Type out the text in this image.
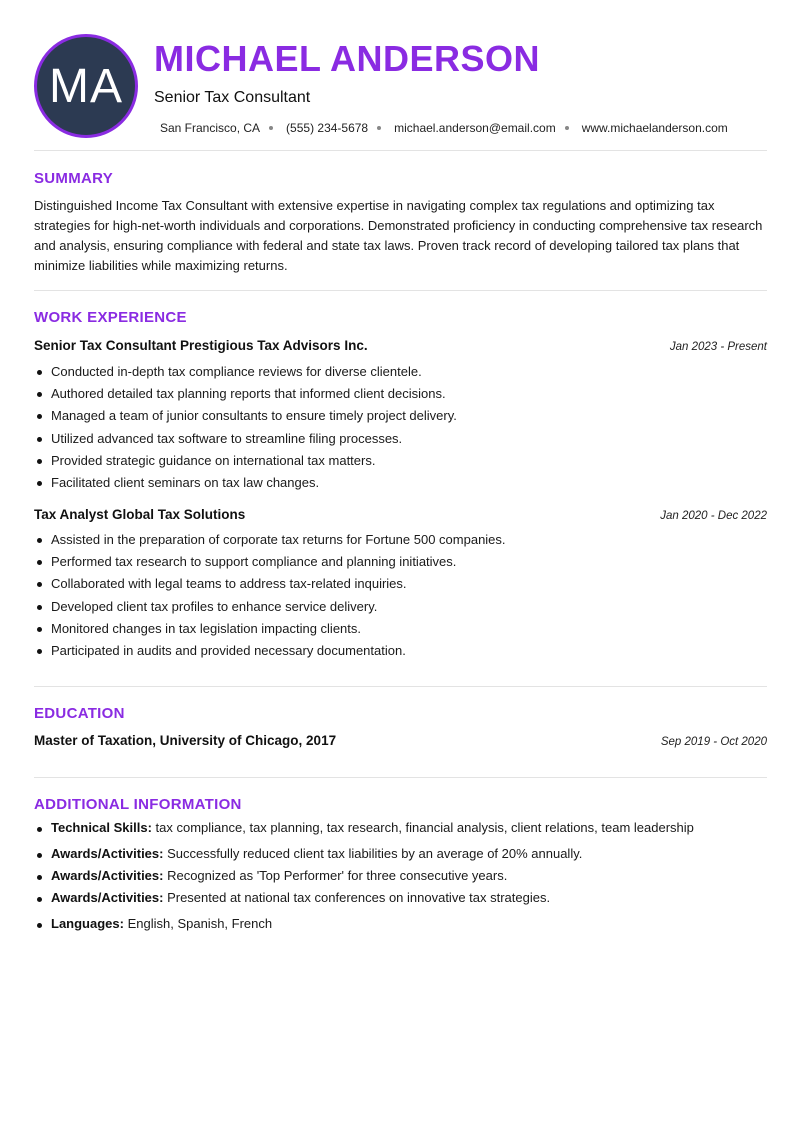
MA
MICHAEL ANDERSON
Senior Tax Consultant
San Francisco, CA (555) 234-5678 michael.anderson@email.com www.michaelanderson.com
SUMMARY
Distinguished Income Tax Consultant with extensive expertise in navigating complex tax regulations and optimizing tax strategies for high-net-worth individuals and corporations. Demonstrated proficiency in conducting comprehensive tax research and analysis, ensuring compliance with federal and state tax laws. Proven track record of developing tailored tax plans that minimize liabilities while maximizing returns.
WORK EXPERIENCE
Senior Tax Consultant Prestigious Tax Advisors Inc.	Jan 2023 - Present
Conducted in-depth tax compliance reviews for diverse clientele.
Authored detailed tax planning reports that informed client decisions.
Managed a team of junior consultants to ensure timely project delivery.
Utilized advanced tax software to streamline filing processes.
Provided strategic guidance on international tax matters.
Facilitated client seminars on tax law changes.
Tax Analyst Global Tax Solutions	Jan 2020 - Dec 2022
Assisted in the preparation of corporate tax returns for Fortune 500 companies.
Performed tax research to support compliance and planning initiatives.
Collaborated with legal teams to address tax-related inquiries.
Developed client tax profiles to enhance service delivery.
Monitored changes in tax legislation impacting clients.
Participated in audits and provided necessary documentation.
EDUCATION
Master of Taxation, University of Chicago, 2017	Sep 2019 - Oct 2020
ADDITIONAL INFORMATION
Technical Skills: tax compliance, tax planning, tax research, financial analysis, client relations, team leadership
Awards/Activities: Successfully reduced client tax liabilities by an average of 20% annually.
Awards/Activities: Recognized as 'Top Performer' for three consecutive years.
Awards/Activities: Presented at national tax conferences on innovative tax strategies.
Languages: English, Spanish, French
